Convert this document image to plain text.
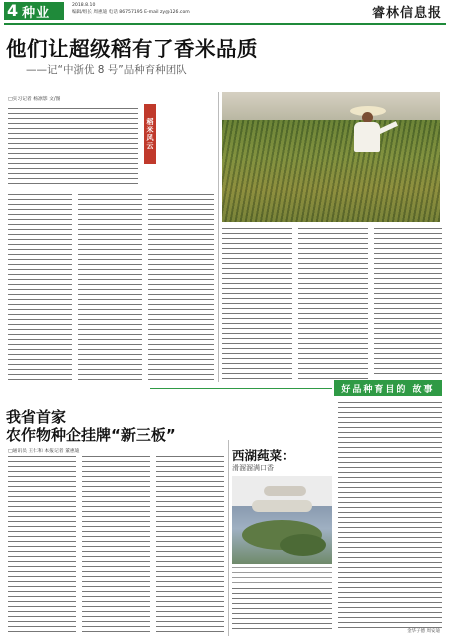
4 种业	2018.8.10
编辑/组长 周惠迪 电话 86757195 E-mail zy@126.com	睿林信息报
他们让超级稻有了香米品质
——记“中浙优 8 号”品种育种团队
□实习记者 杨凛影 文/图
稻米风云
好品种育目的 故事
我省首家
农作物种企挂牌“新三板”
□通讯员 王仁和 本报记者 董惠迪	西湖莼菜：
滑溜溜满口香
金华子德 周安迪
